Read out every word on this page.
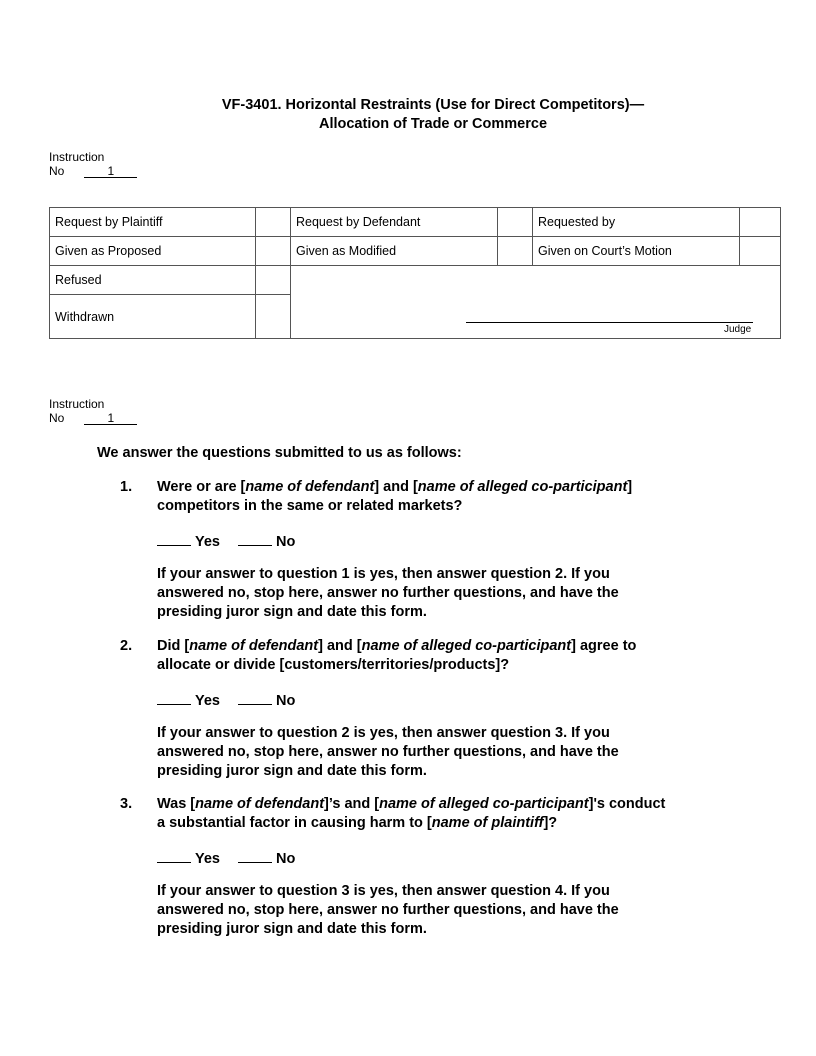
VF-3401. Horizontal Restraints (Use for Direct Competitors)—
Allocation of Trade or Commerce
Instruction
No	1
Request by Plaintiff		Request by Defendant		Requested by	
Given as Proposed		Given as Modified		Given on Court’s Motion	
Refused					
Withdrawn					
Judge
Instruction
No	1
We answer the questions submitted to us as follows:
1. Were or are [name of defendant] and [name of alleged co-participant]
competitors in the same or related markets?
Yes	No
If your answer to question 1 is yes, then answer question 2. If you
answered no, stop here, answer no further questions, and have the
presiding juror sign and date this form.
2. Did [name of defendant] and [name of alleged co-participant] agree to
allocate or divide [customers/territories/products]?
Yes	No
If your answer to question 2 is yes, then answer question 3. If you
answered no, stop here, answer no further questions, and have the
presiding juror sign and date this form.
3. Was [name of defendant]’s and [name of alleged co-participant]'s conduct
a substantial factor in causing harm to [name of plaintiff]?
Yes	No
If your answer to question 3 is yes, then answer question 4. If you
answered no, stop here, answer no further questions, and have the
presiding juror sign and date this form.
